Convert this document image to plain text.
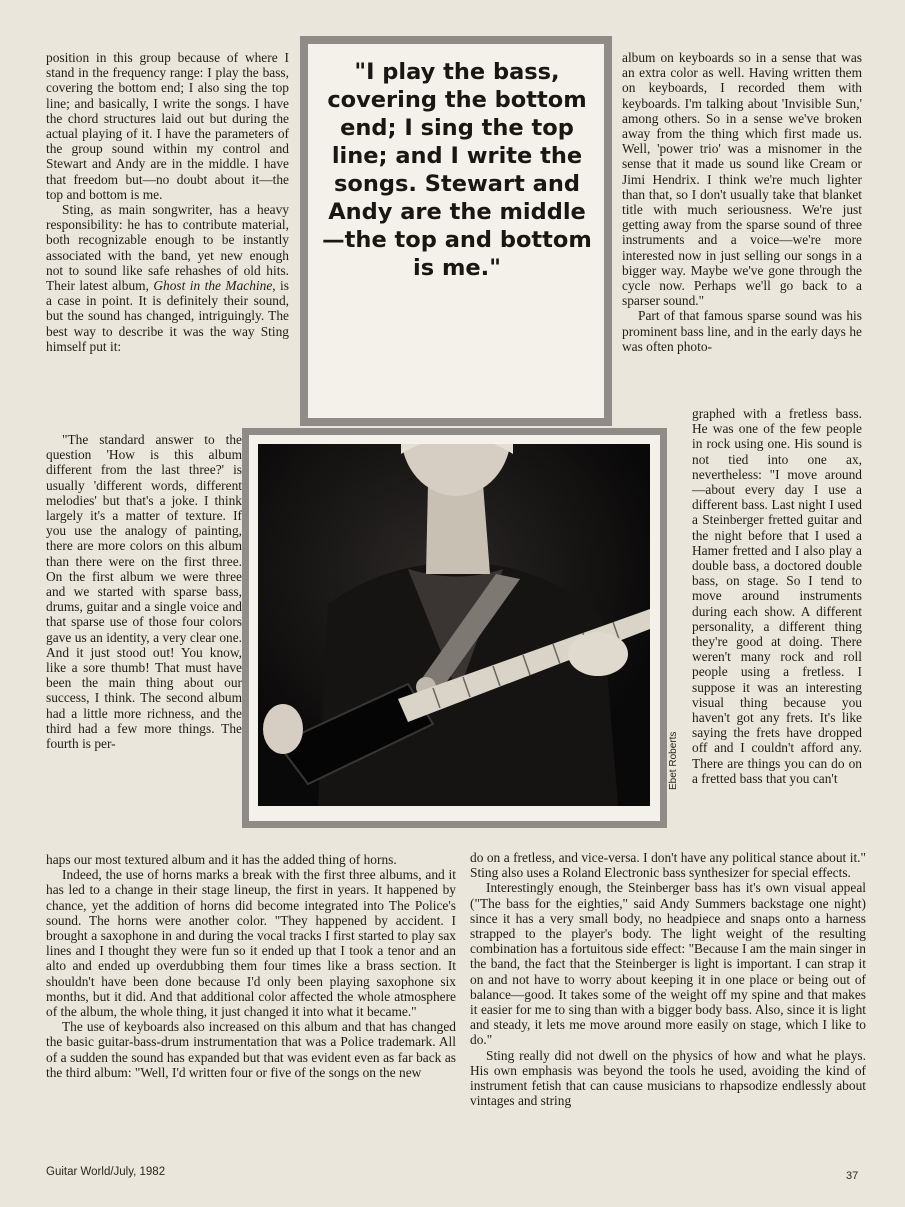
position in this group because of where I stand in the frequency range: I play the bass, covering the bottom end; I also sing the top line; and basically, I write the songs. I have the chord structures laid out but during the actual playing of it. I have the parameters of the group sound within my control and Stewart and Andy are in the middle. I have that freedom but—no doubt about it—the top and bottom is me.

Sting, as main songwriter, has a heavy responsibility: he has to contribute material, both recognizable enough to be instantly associated with the band, yet new enough not to sound like safe rehashes of old hits. Their latest album, Ghost in the Machine, is a case in point. It is definitely their sound, but the sound has changed, intriguingly. The best way to describe it was the way Sting himself put it:

"I play the bass, covering the bottom end; I sing the top line; and I write the songs. Stewart and Andy are the middle—the top and bottom is me."
Ebet Roberts

"The standard answer to the question 'How is this album different from the last three?' is usually 'different words, different melodies' but that's a joke. I think largely it's a matter of texture. If you use the analogy of painting, there are more colors on this album than there were on the first three. On the first album we were three and we started with sparse bass, drums, guitar and a single voice and that sparse use of those four colors gave us an identity, a very clear one. And it just stood out! You know, like a sore thumb! That must have been the main thing about our success, I think. The second album had a little more richness, and the third had a few more things. The fourth is per-

haps our most textured album and it has the added thing of horns.

Indeed, the use of horns marks a break with the first three albums, and it has led to a change in their stage lineup, the first in years. It happened by chance, yet the addition of horns did become integrated into The Police's sound. The horns were another color. "They happened by accident. I brought a saxophone in and during the vocal tracks I first started to play sax lines and I thought they were fun so it ended up that I took a tenor and an alto and ended up overdubbing them four times like a brass section. It shouldn't have been done because I'd only been playing saxophone six months, but it did. And that additional color affected the whole atmosphere of the album, the whole thing, it just changed it into what it became."

The use of keyboards also increased on this album and that has changed the basic guitar-bass-drum instrumentation that was a Police trademark. All of a sudden the sound has expanded but that was evident even as far back as the third album: "Well, I'd written four or five of the songs on the new

album on keyboards so in a sense that was an extra color as well. Having written them on keyboards, I recorded them with keyboards. I'm talking about 'Invisible Sun,' among others. So in a sense we've broken away from the thing which first made us. Well, 'power trio' was a misnomer in the sense that it made us sound like Cream or Jimi Hendrix. I think we're much lighter than that, so I don't usually take that blanket title with much seriousness. We're just getting away from the sparse sound of three instruments and a voice—we're more interested now in just selling our songs in a bigger way. Maybe we've gone through the cycle now. Perhaps we'll go back to a sparser sound."

Part of that famous sparse sound was his prominent bass line, and in the early days he was often photo-

graphed with a fretless bass. He was one of the few people in rock using one. His sound is not tied into one ax, nevertheless: "I move around—about every day I use a different bass. Last night I used a Steinberger fretted guitar and the night before that I used a Hamer fretted and I also play a double bass, a doctored double bass, on stage. So I tend to move around instruments during each show. A different personality, a different thing they're good at doing. There weren't many rock and roll people using a fretless. I suppose it was an interesting visual thing because you haven't got any frets. It's like saying the frets have dropped off and I couldn't afford any. There are things you can do on a fretted bass that you can't

do on a fretless, and vice-versa. I don't have any political stance about it." Sting also uses a Roland Electronic bass synthesizer for special effects.

Interestingly enough, the Steinberger bass has it's own visual appeal ("The bass for the eighties," said Andy Summers backstage one night) since it has a very small body, no headpiece and snaps onto a harness strapped to the player's body. The light weight of the resulting combination has a fortuitous side effect: "Because I am the main singer in the band, the fact that the Steinberger is light is important. I can strap it on and not have to worry about keeping it in one place or being out of balance—good. It takes some of the weight off my spine and that makes it easier for me to sing than with a bigger body bass. Also, since it is light and steady, it lets me move around more easily on stage, which I like to do."

Sting really did not dwell on the physics of how and what he plays. His own emphasis was beyond the tools he used, avoiding the kind of instrument fetish that can cause musicians to rhapsodize endlessly about vintages and string

Guitar World/July, 1982	37
